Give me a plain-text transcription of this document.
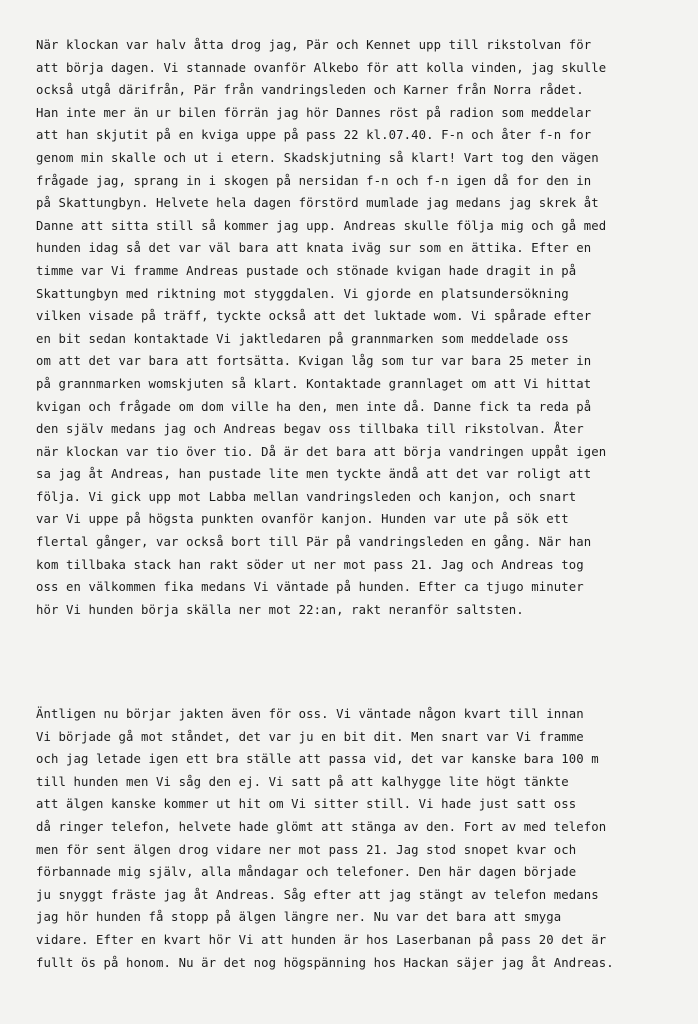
När klockan var halv åtta drog jag, Pär och Kennet upp till rikstolvan för
att börja dagen. Vi stannade ovanför Alkebo för att kolla vinden, jag skulle
också utgå därifrån, Pär från vandringsleden och Karner från Norra rådet.
Han inte mer än ur bilen förrän jag hör Dannes röst på radion som meddelar
att han skjutit på en kviga uppe på pass 22 kl.07.40. F-n och åter f-n for
genom min skalle och ut i etern. Skadskjutning så klart! Vart tog den vägen
frågade jag, sprang in i skogen på nersidan f-n och f-n igen då for den in
på Skattungbyn. Helvete hela dagen förstörd mumlade jag medans jag skrek åt
Danne att sitta still så kommer jag upp. Andreas skulle följa mig och gå med
hunden idag så det var väl bara att knata iväg sur som en ättika. Efter en
timme var Vi framme Andreas pustade och stönade kvigan hade dragit in på
Skattungbyn med riktning mot styggdalen. Vi gjorde en platsundersökning
vilken visade på träff, tyckte också att det luktade wom. Vi spårade efter
en bit sedan kontaktade Vi jaktledaren på grannmarken som meddelade oss
om att det var bara att fortsätta. Kvigan låg som tur var bara 25 meter in
på grannmarken womskjuten så klart. Kontaktade grannlaget om att Vi hittat
kvigan och frågade om dom ville ha den, men inte då. Danne fick ta reda på
den själv medans jag och Andreas begav oss tillbaka till rikstolvan. Åter
när klockan var tio över tio. Då är det bara att börja vandringen uppåt igen
sa jag åt Andreas, han pustade lite men tyckte ändå att det var roligt att
följa. Vi gick upp mot Labba mellan vandringsleden och kanjon, och snart
var Vi uppe på högsta punkten ovanför kanjon. Hunden var ute på sök ett
flertal gånger, var också bort till Pär på vandringsleden en gång. När han
kom tillbaka stack han rakt söder ut ner mot pass 21. Jag och Andreas tog
oss en välkommen fika medans Vi väntade på hunden. Efter ca tjugo minuter
hör Vi hunden börja skälla ner mot 22:an, rakt neranför saltsten.
Äntligen nu börjar jakten även för oss. Vi väntade någon kvart till innan
Vi började gå mot ståndet, det var ju en bit dit. Men snart var Vi framme
och jag letade igen ett bra ställe att passa vid, det var kanske bara 100 m
till hunden men Vi såg den ej. Vi satt på att kalhygge lite högt tänkte
att älgen kanske kommer ut hit om Vi sitter still. Vi hade just satt oss
då ringer telefon, helvete hade glömt att stänga av den. Fort av med telefon
men för sent älgen drog vidare ner mot pass 21. Jag stod snopet kvar och
förbannade mig själv, alla måndagar och telefoner. Den här dagen började
ju snyggt fräste jag åt Andreas. Såg efter att jag stängt av telefon medans
jag hör hunden få stopp på älgen längre ner. Nu var det bara att smyga
vidare. Efter en kvart hör Vi att hunden är hos Laserbanan på pass 20 det är
fullt ös på honom. Nu är det nog högspänning hos Hackan säjer jag åt Andreas.
